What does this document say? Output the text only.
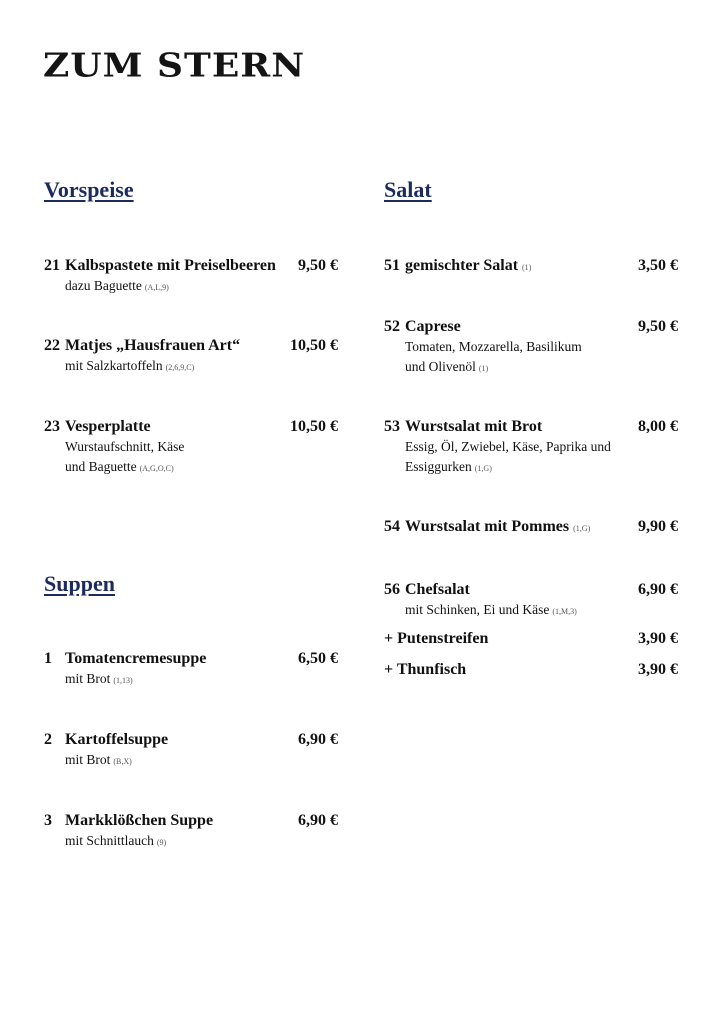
ZUM STERN
Vorspeise
21 Kalbspastete mit Preiselbeeren 9,50 €
dazu Baguette (A,L,9)
22 Matjes „Hausfrauen Art“	10,50 €
mit Salzkartoffeln (2,6,9,C)
23 Vesperplatte	10,50 €
Wurstaufschnitt, Käse
und Baguette (A,G,O,C)
Suppen
1 Tomatencremesuppe	6,50 €
mit Brot (1,13)
2 Kartoffelsuppe	6,90 €
mit Brot (B,X)
3 Markklößchen Suppe	6,90 €
mit Schnittlauch (9)
Salat
51 gemischter Salat (1)	3,50 €
52 Caprese	9,50 €
Tomaten, Mozzarella, Basilikum
und Olivenöl (1)
53 Wurstsalat mit Brot	8,00 €
Essig, Öl, Zwiebel, Käse, Paprika und
Essiggurken (1,G)
54 Wurstsalat mit Pommes (1,G)	9,90 €
56 Chefsalat	6,90 €
mit Schinken, Ei und Käse (1,M,3)
+ Putenstreifen	3,90 €
+ Thunfisch	3,90 €
